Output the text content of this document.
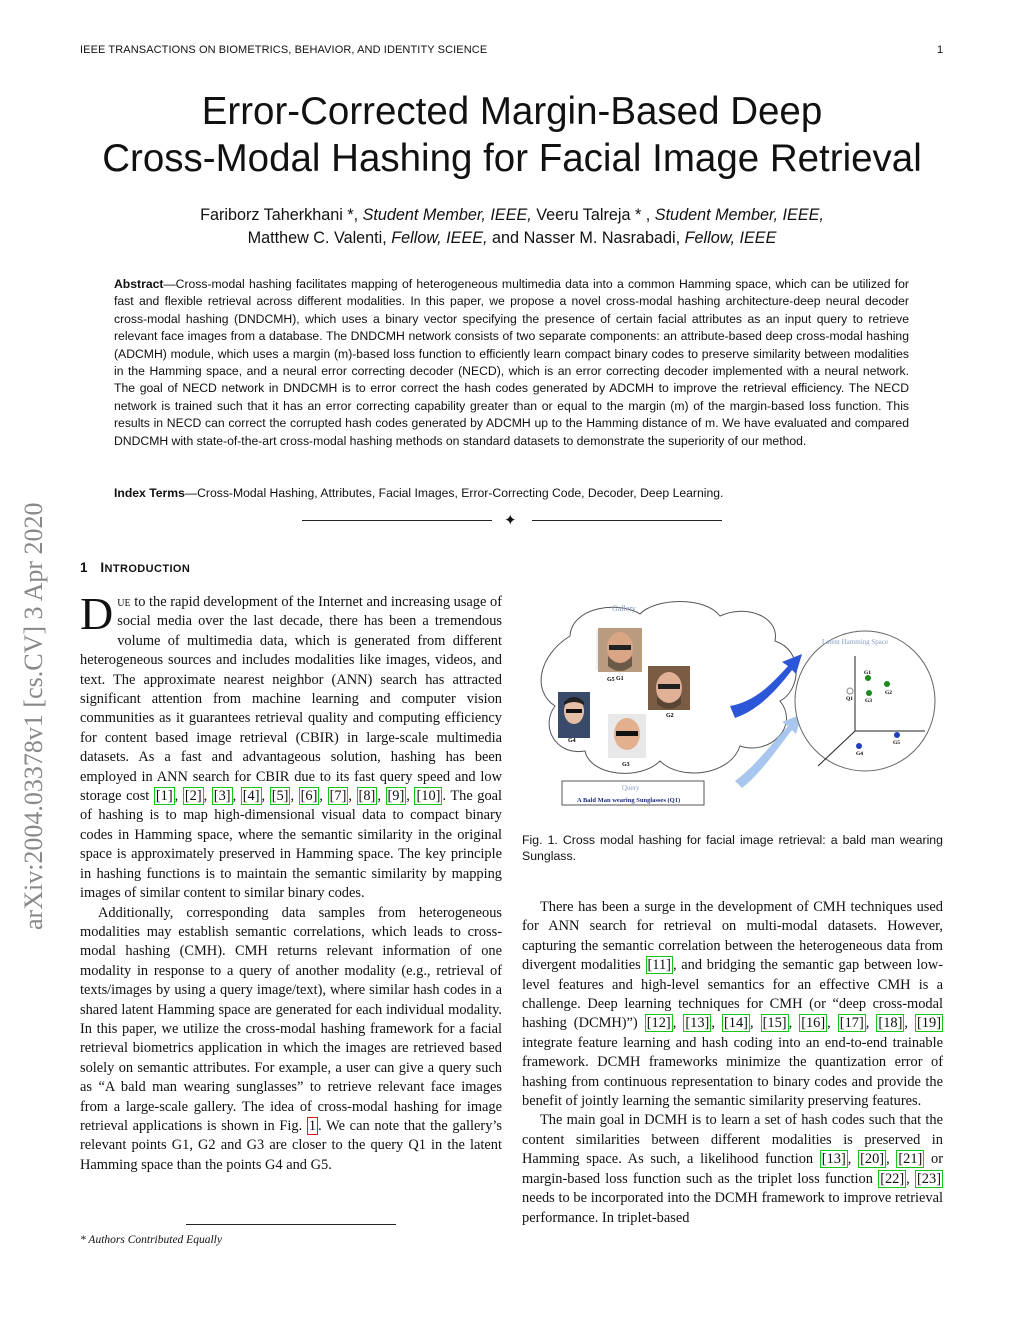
IEEE TRANSACTIONS ON BIOMETRICS, BEHAVIOR, AND IDENTITY SCIENCE	1
Error-Corrected Margin-Based Deep
Cross-Modal Hashing for Facial Image Retrieval
Fariborz Taherkhani *, Student Member, IEEE, Veeru Talreja * , Student Member, IEEE,
Matthew C. Valenti, Fellow, IEEE, and Nasser M. Nasrabadi, Fellow, IEEE
Abstract—Cross-modal hashing facilitates mapping of heterogeneous multimedia data into a common Hamming space, which can be utilized for fast and flexible retrieval across different modalities. In this paper, we propose a novel cross-modal hashing architecture-deep neural decoder cross-modal hashing (DNDCMH), which uses a binary vector specifying the presence of certain facial attributes as an input query to retrieve relevant face images from a database. The DNDCMH network consists of two separate components: an attribute-based deep cross-modal hashing (ADCMH) module, which uses a margin (m)-based loss function to efficiently learn compact binary codes to preserve similarity between modalities in the Hamming space, and a neural error correcting decoder (NECD), which is an error correcting decoder implemented with a neural network. The goal of NECD network in DNDCMH is to error correct the hash codes generated by ADCMH to improve the retrieval efficiency. The NECD network is trained such that it has an error correcting capability greater than or equal to the margin (m) of the margin-based loss function. This results in NECD can correct the corrupted hash codes generated by ADCMH up to the Hamming distance of m. We have evaluated and compared DNDCMH with state-of-the-art cross-modal hashing methods on standard datasets to demonstrate the superiority of our method.
Index Terms—Cross-Modal Hashing, Attributes, Facial Images, Error-Correcting Code, Decoder, Deep Learning.
✦
arXiv:2004.03378v1 [cs.CV] 3 Apr 2020 1 INTRODUCTION

Due to the rapid development of the Internet and increasing usage of social media over the last decade, there has been a tremendous volume of multimedia data, which is generated from different heterogeneous sources and includes modalities like images, videos, and text. The approximate nearest neighbor (ANN) search has attracted significant attention from machine learning and computer vision communities as it guarantees retrieval quality and computing efficiency for content based image retrieval (CBIR) in large-scale multimedia datasets. As a fast and advantageous solution, hashing has been employed in ANN search for CBIR due to its fast query speed and low storage cost [1] , [2] , [3] , [4] , [5] , [6] , [7] , [8] , [9] , [10] . The goal of hashing is to map high-dimensional visual data to compact binary codes in Hamming space, where the semantic similarity in the original space is approximately preserved in Hamming space. The key principle in hashing functions is to maintain the semantic similarity by mapping images of similar content to similar binary codes.

Additionally, corresponding data samples from heterogeneous modalities may establish semantic correlations, which leads to cross-modal hashing (CMH). CMH returns relevant information of one modality in response to a query of another modality (e.g., retrieval of texts/images by using a query image/text), where similar hash codes in a shared latent Hamming space are generated for each individual modality. In this paper, we utilize the cross-modal hashing framework for a facial retrieval biometrics application in which the images are retrieved based solely on semantic attributes. For example, a user can give a query such as “A bald man wearing sunglasses” to retrieve relevant face images from a large-scale gallery. The idea of cross-modal hashing for image retrieval applications is shown in Fig. 1 . We can note that the gallery’s relevant points G1, G2 and G3 are closer to the query Q1 in the latent Hamming space than the points G4 and G5.

Gallery
G5 G1
G2
G4
G3
Latent Hamming Space
G1
G2
G3
Q1
G4
G5
Query
A Bald Man wearing Sunglasses (Q1)
Fig. 1. Cross modal hashing for facial image retrieval: a bald man wearing Sunglass.

There has been a surge in the development of CMH techniques used for ANN search for retrieval on multi-modal datasets. However, capturing the semantic correlation between the heterogeneous data from divergent modalities [11] , and bridging the semantic gap between low-level features and high-level semantics for an effective CMH is a challenge. Deep learning techniques for CMH (or “deep cross-modal hashing (DCMH)”) [12] , [13] , [14] , [15] , [16] , [17] , [18] , [19] integrate feature learning and hash coding into an end-to-end trainable framework. DCMH frameworks minimize the quantization error of hashing from continuous representation to binary codes and provide the benefit of jointly learning the semantic similarity preserving features.

The main goal in DCMH is to learn a set of hash codes such that the content similarities between different modalities is preserved in Hamming space. As such, a likelihood function [13] , [20] , [21] or margin-based loss function such as the triplet loss function [22] , [23] needs to be incorporated into the DCMH framework to improve retrieval performance. In triplet-based

* Authors Contributed Equally
